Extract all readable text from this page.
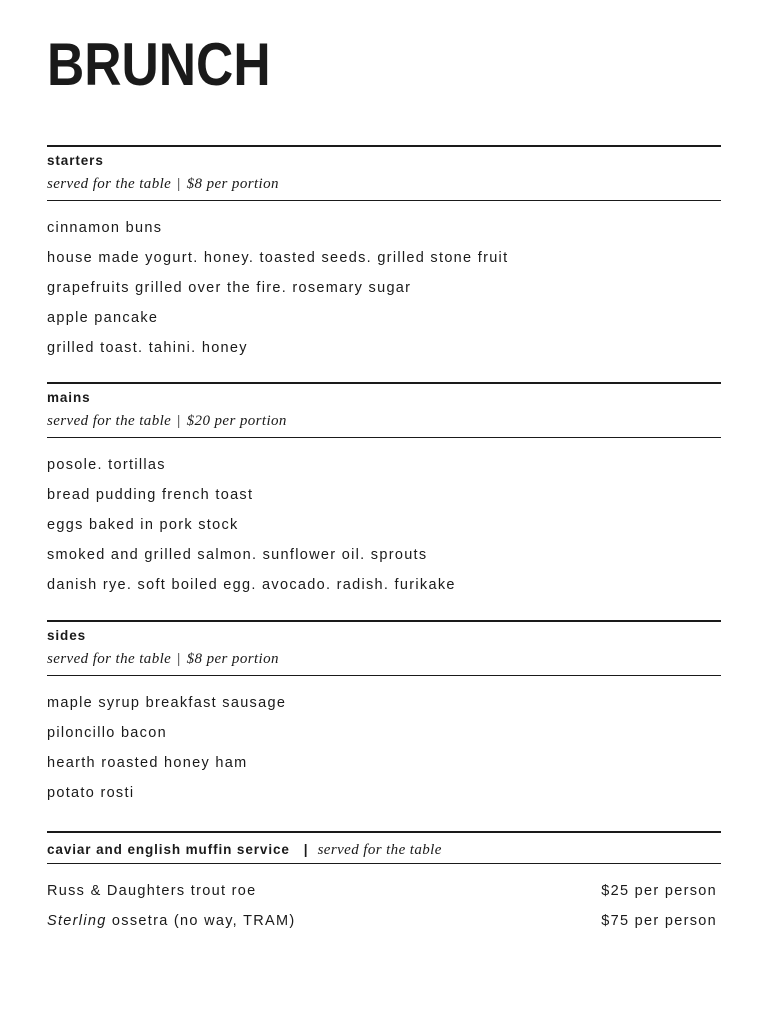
BRUNCH
starters
served for the table | $8 per portion
cinnamon buns
house made yogurt. honey. toasted seeds. grilled stone fruit
grapefruits grilled over the fire. rosemary sugar
apple pancake
grilled toast. tahini. honey
mains
served for the table | $20 per portion
posole. tortillas
bread pudding french toast
eggs baked in pork stock
smoked and grilled salmon. sunflower oil. sprouts
danish rye. soft boiled egg. avocado. radish. furikake
sides
served for the table | $8 per portion
maple syrup breakfast sausage
piloncillo bacon
hearth roasted honey ham
potato rosti
caviar and english muffin service | served for the table
Russ & Daughters trout roe	$25 per person
Sterling ossetra (no way, TRAM)	$75 per person
